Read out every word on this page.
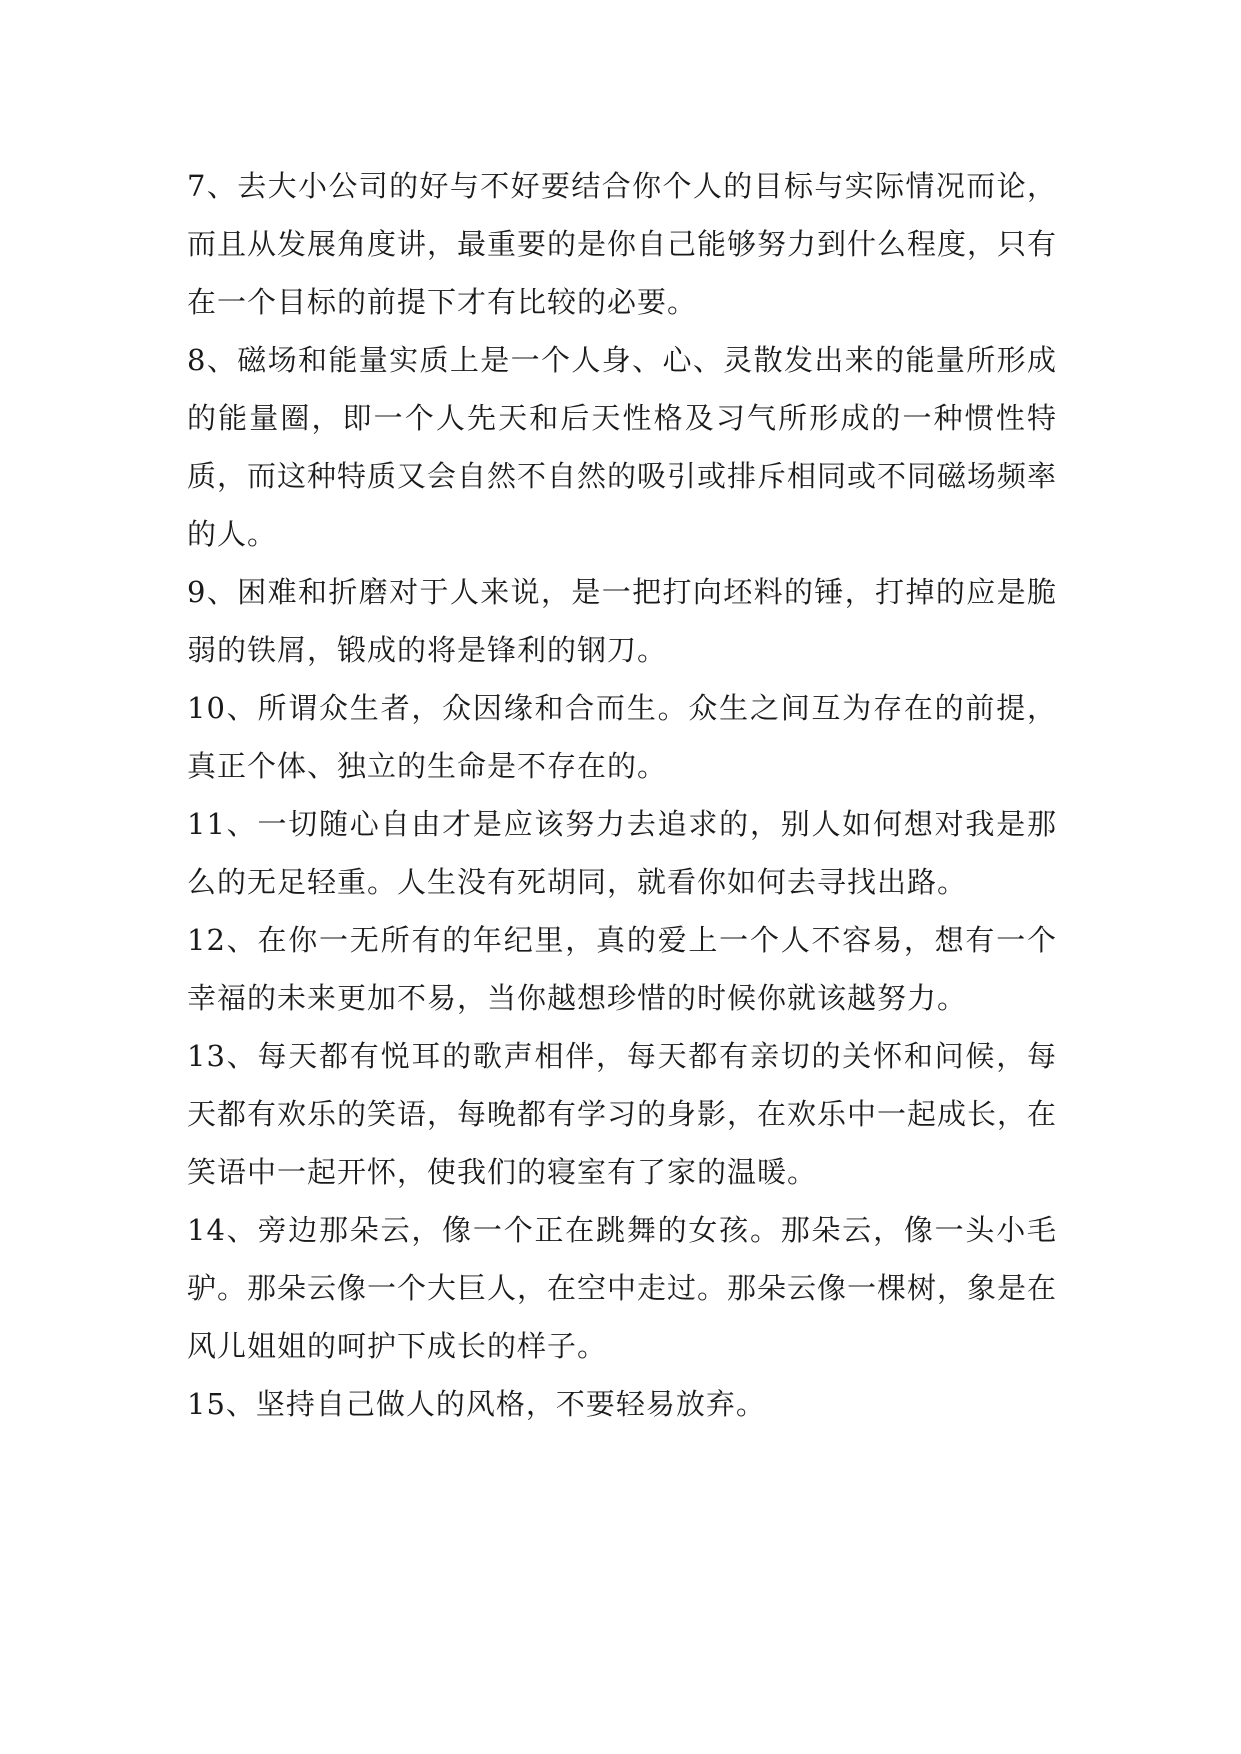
7、去大小公司的好与不好要结合你个人的目标与实际情况而论，而且从发展角度讲，最重要的是你自己能够努力到什么程度，只有在一个目标的前提下才有比较的必要。

8、磁场和能量实质上是一个人身、心、灵散发出来的能量所形成的能量圈，即一个人先天和后天性格及习气所形成的一种惯性特质，而这种特质又会自然不自然的吸引或排斥相同或不同磁场频率的人。

9、困难和折磨对于人来说，是一把打向坯料的锤，打掉的应是脆弱的铁屑，锻成的将是锋利的钢刀。

10、所谓众生者，众因缘和合而生。众生之间互为存在的前提，真正个体、独立的生命是不存在的。

11、一切随心自由才是应该努力去追求的，别人如何想对我是那么的无足轻重。人生没有死胡同，就看你如何去寻找出路。

12、在你一无所有的年纪里，真的爱上一个人不容易，想有一个幸福的未来更加不易，当你越想珍惜的时候你就该越努力。

13、每天都有悦耳的歌声相伴，每天都有亲切的关怀和问候，每天都有欢乐的笑语，每晚都有学习的身影，在欢乐中一起成长，在笑语中一起开怀，使我们的寝室有了家的温暖。

14、旁边那朵云，像一个正在跳舞的女孩。那朵云，像一头小毛驴。那朵云像一个大巨人，在空中走过。那朵云像一棵树，象是在风儿姐姐的呵护下成长的样子。

15、坚持自己做人的风格，不要轻易放弃。
